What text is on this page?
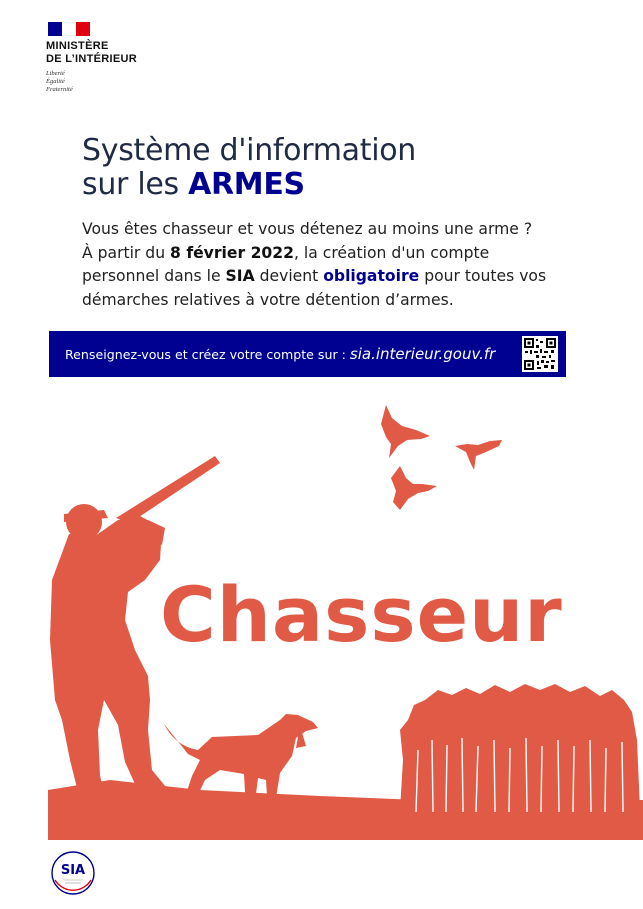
MINISTÈRE
DE L’INTÉRIEUR
Liberté
Égalité
Fraternité
Système d'information
sur les ARMES
Vous êtes chasseur et vous détenez au moins une arme ?
À partir du 8 février 2022, la création d'un compte
personnel dans le SIA devient obligatoire pour toutes vos
démarches relatives à votre détention d’armes.
Renseignez-vous et créez votre compte sur : sia.interieur.gouv.fr
Chasseur
SIA
